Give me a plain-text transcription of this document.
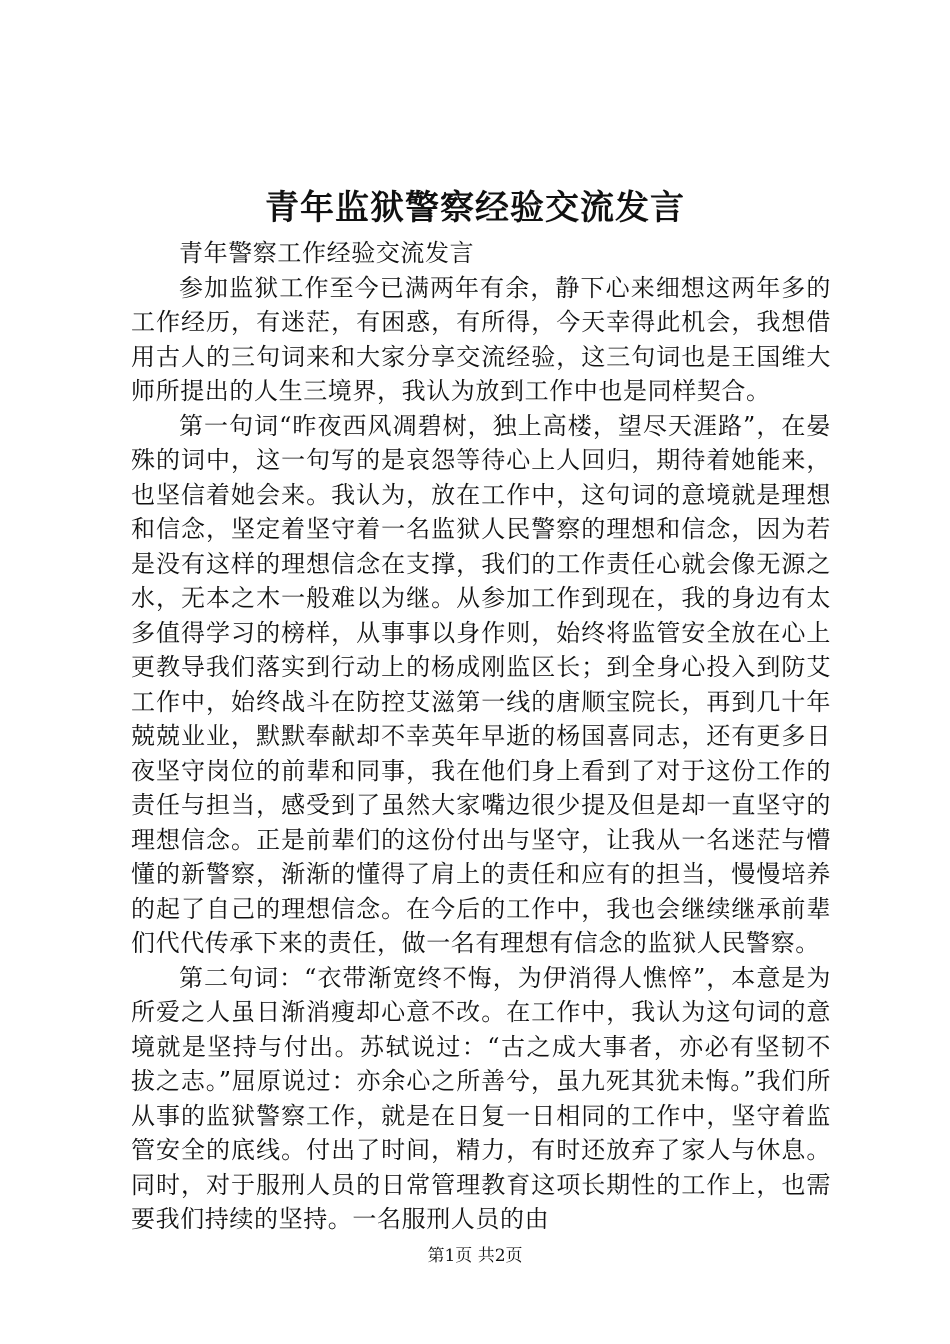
青年监狱警察经验交流发言

青年警察工作经验交流发言

参加监狱工作至今已满两年有余，静下心来细想这两年多的工作经历，有迷茫，有困惑，有所得，今天幸得此机会，我想借用古人的三句词来和大家分享交流经验，这三句词也是王国维大师所提出的人生三境界，我认为放到工作中也是同样契合。

第一句词“昨夜西风凋碧树，独上高楼，望尽天涯路”，在晏殊的词中，这一句写的是哀怨等待心上人回归，期待着她能来，也坚信着她会来。我认为，放在工作中，这句词的意境就是理想和信念，坚定着坚守着一名监狱人民警察的理想和信念，因为若是没有这样的理想信念在支撑，我们的工作责任心就会像无源之水，无本之木一般难以为继。从参加工作到现在，我的身边有太多值得学习的榜样，从事事以身作则，始终将监管安全放在心上更教导我们落实到行动上的杨成刚监区长；到全身心投入到防艾工作中，始终战斗在防控艾滋第一线的唐顺宝院长，再到几十年兢兢业业，默默奉献却不幸英年早逝的杨国喜同志，还有更多日夜坚守岗位的前辈和同事，我在他们身上看到了对于这份工作的责任与担当，感受到了虽然大家嘴边很少提及但是却一直坚守的理想信念。正是前辈们的这份付出与坚守，让我从一名迷茫与懵懂的新警察，渐渐的懂得了肩上的责任和应有的担当，慢慢培养的起了自己的理想信念。在今后的工作中，我也会继续继承前辈们代代传承下来的责任，做一名有理想有信念的监狱人民警察。

第二句词：“衣带渐宽终不悔，为伊消得人憔悴”，本意是为所爱之人虽日渐消瘦却心意不改。在工作中，我认为这句词的意境就是坚持与付出。苏轼说过：“古之成大事者，亦必有坚韧不拔之志。”屈原说过：亦余心之所善兮，虽九死其犹未悔。”我们所从事的监狱警察工作，就是在日复一日相同的工作中，坚守着监管安全的底线。付出了时间，精力，有时还放弃了家人与休息。同时，对于服刑人员的日常管理教育这项长期性的工作上，也需要我们持续的坚持。一名服刑人员的由

第1页 共2页
